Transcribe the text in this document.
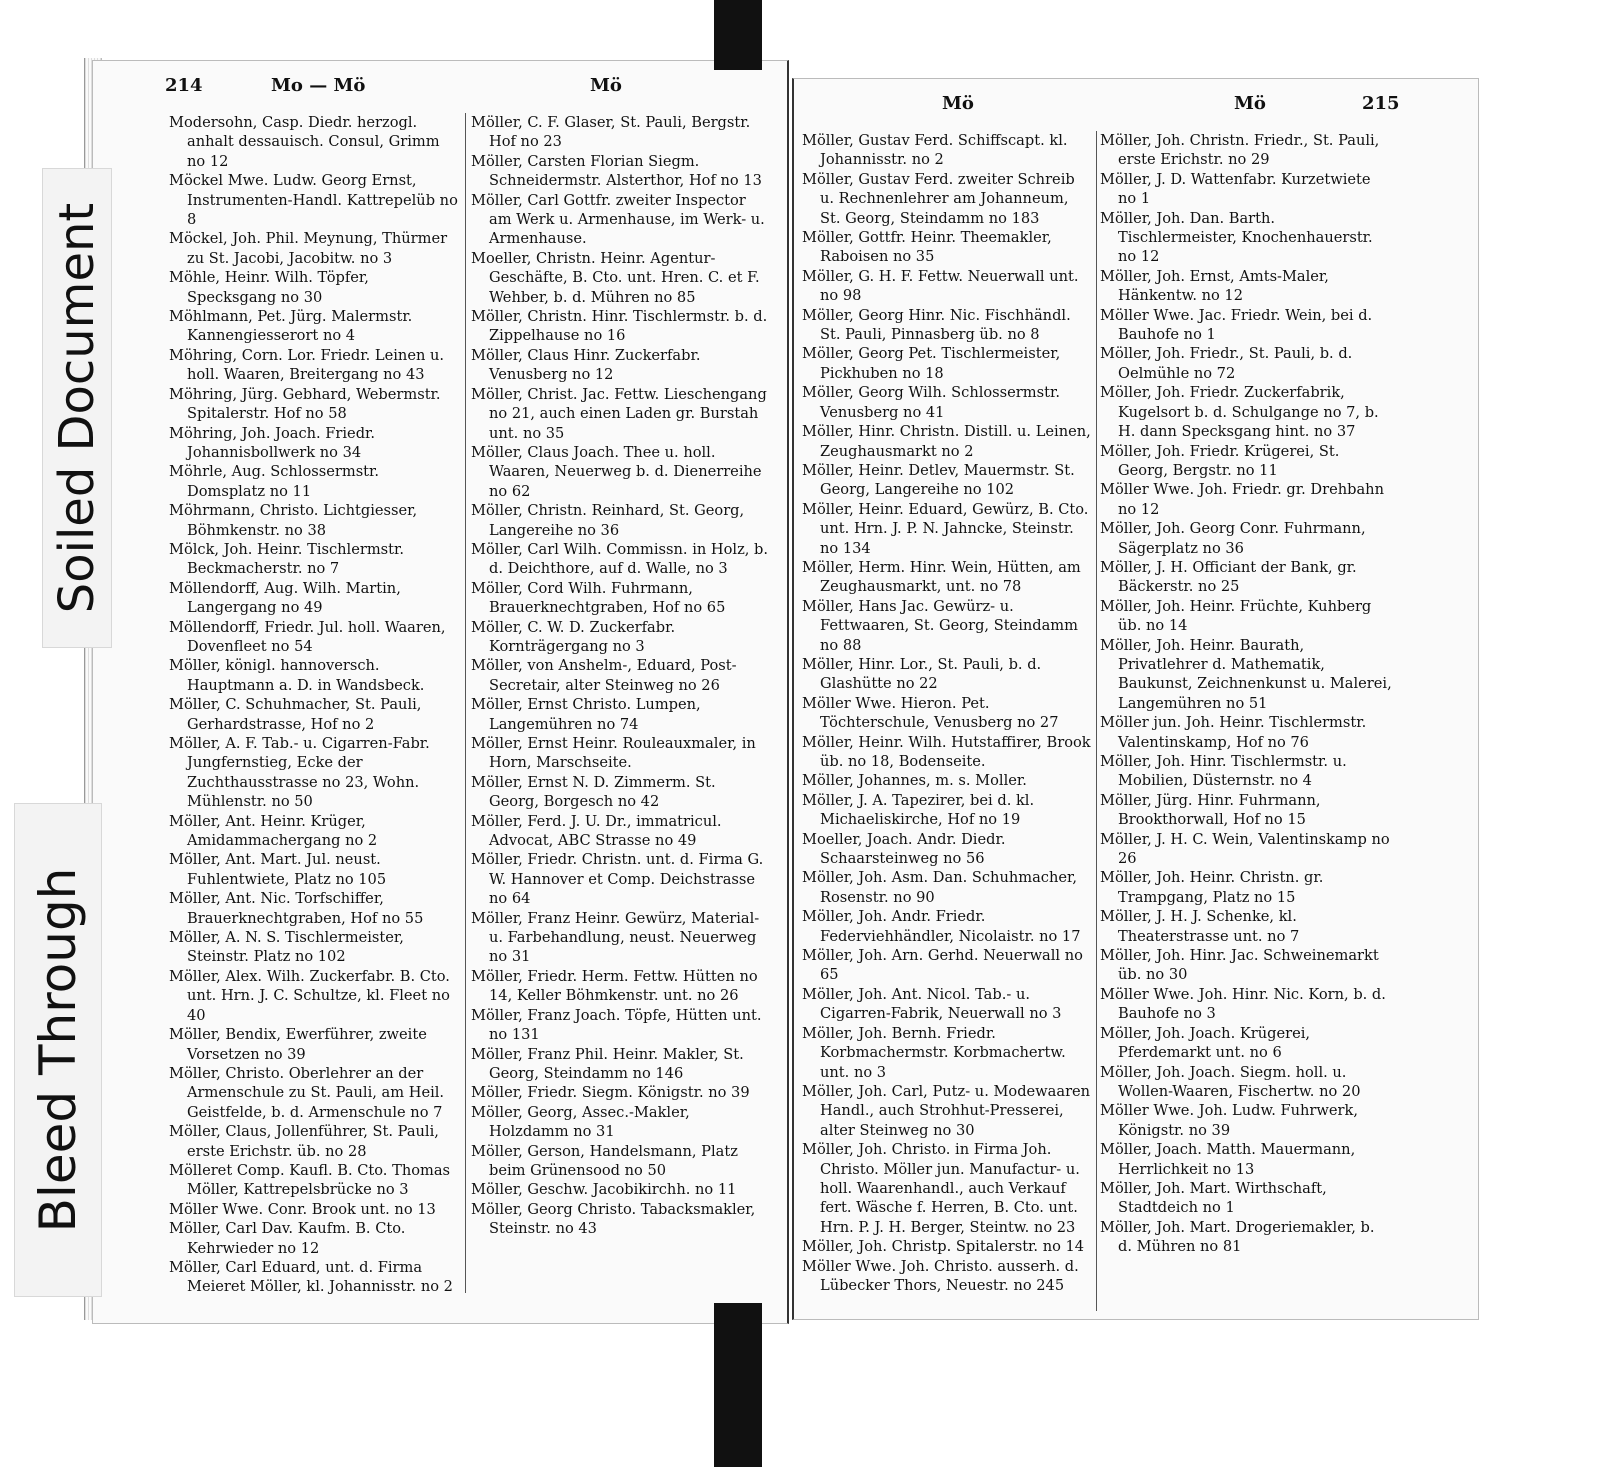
214	Mo — Mö	Mö

Modersohn, Casp. Diedr. herzogl. anhalt dessauisch. Consul, Grimm no 12

Möckel Mwe. Ludw. Georg Ernst, Instrumenten-Handl. Kattrepelüb no 8

Möckel, Joh. Phil. Meynung, Thürmer zu St. Jacobi, Jacobitw. no 3

Möhle, Heinr. Wilh. Töpfer, Specksgang no 30

Möhlmann, Pet. Jürg. Malermstr. Kannengiesserort no 4

Möhring, Corn. Lor. Friedr. Leinen u. holl. Waaren, Breitergang no 43

Möhring, Jürg. Gebhard, Webermstr. Spitalerstr. Hof no 58

Möhring, Joh. Joach. Friedr. Johannisbollwerk no 34

Möhrle, Aug. Schlossermstr. Domsplatz no 11

Möhrmann, Christo. Lichtgiesser, Böhmkenstr. no 38

Mölck, Joh. Heinr. Tischlermstr. Beckmacherstr. no 7

Möllendorff, Aug. Wilh. Martin, Langergang no 49

Möllendorff, Friedr. Jul. holl. Waaren, Dovenfleet no 54

Möller, königl. hannoversch. Hauptmann a. D. in Wandsbeck.

Möller, C. Schuhmacher, St. Pauli, Gerhardstrasse, Hof no 2

Möller, A. F. Tab.- u. Cigarren-Fabr. Jungfernstieg, Ecke der Zuchthausstrasse no 23, Wohn. Mühlenstr. no 50

Möller, Ant. Heinr. Krüger, Amidammachergang no 2

Möller, Ant. Mart. Jul. neust. Fuhlentwiete, Platz no 105

Möller, Ant. Nic. Torfschiffer, Brauerknechtgraben, Hof no 55

Möller, A. N. S. Tischlermeister, Steinstr. Platz no 102

Möller, Alex. Wilh. Zuckerfabr. B. Cto. unt. Hrn. J. C. Schultze, kl. Fleet no 40

Möller, Bendix, Ewerführer, zweite Vorsetzen no 39

Möller, Christo. Oberlehrer an der Armenschule zu St. Pauli, am Heil. Geistfelde, b. d. Armenschule no 7

Möller, Claus, Jollenführer, St. Pauli, erste Erichstr. üb. no 28

Mölleret Comp. Kaufl. B. Cto. Thomas Möller, Kattrepelsbrücke no 3

Möller Wwe. Conr. Brook unt. no 13

Möller, Carl Dav. Kaufm. B. Cto. Kehrwieder no 12

Möller, Carl Eduard, unt. d. Firma Meieret Möller, kl. Johannisstr. no 2

Möller, C. F. Glaser, St. Pauli, Bergstr. Hof no 23

Möller, Carsten Florian Siegm. Schneidermstr. Alsterthor, Hof no 13

Möller, Carl Gottfr. zweiter Inspector am Werk u. Armenhause, im Werk- u. Armenhause.

Moeller, Christn. Heinr. Agentur-Geschäfte, B. Cto. unt. Hren. C. et F. Wehber, b. d. Mühren no 85

Möller, Christn. Hinr. Tischlermstr. b. d. Zippelhause no 16

Möller, Claus Hinr. Zuckerfabr. Venusberg no 12

Möller, Christ. Jac. Fettw. Lieschengang no 21, auch einen Laden gr. Burstah unt. no 35

Möller, Claus Joach. Thee u. holl. Waaren, Neuerweg b. d. Dienerreihe no 62

Möller, Christn. Reinhard, St. Georg, Langereihe no 36

Möller, Carl Wilh. Commissn. in Holz, b. d. Deichthore, auf d. Walle, no 3

Möller, Cord Wilh. Fuhrmann, Brauerknechtgraben, Hof no 65

Möller, C. W. D. Zuckerfabr. Kornträgergang no 3

Möller, von Anshelm-, Eduard, Post-Secretair, alter Steinweg no 26

Möller, Ernst Christo. Lumpen, Langemühren no 74

Möller, Ernst Heinr. Rouleauxmaler, in Horn, Marschseite.

Möller, Ernst N. D. Zimmerm. St. Georg, Borgesch no 42

Möller, Ferd. J. U. Dr., immatricul. Advocat, ABC Strasse no 49

Möller, Friedr. Christn. unt. d. Firma G. W. Hannover et Comp. Deichstrasse no 64

Möller, Franz Heinr. Gewürz, Material- u. Farbehandlung, neust. Neuerweg no 31

Möller, Friedr. Herm. Fettw. Hütten no 14, Keller Böhmkenstr. unt. no 26

Möller, Franz Joach. Töpfe, Hütten unt. no 131

Möller, Franz Phil. Heinr. Makler, St. Georg, Steindamm no 146

Möller, Friedr. Siegm. Königstr. no 39

Möller, Georg, Assec.-Makler, Holzdamm no 31

Möller, Gerson, Handelsmann, Platz beim Grünensood no 50

Möller, Geschw. Jacobikirchh. no 11

Möller, Georg Christo. Tabacksmakler, Steinstr. no 43

Mö	Mö	215

Möller, Gustav Ferd. Schiffscapt. kl. Johannisstr. no 2

Möller, Gustav Ferd. zweiter Schreib u. Rechnenlehrer am Johanneum, St. Georg, Steindamm no 183

Möller, Gottfr. Heinr. Theemakler, Raboisen no 35

Möller, G. H. F. Fettw. Neuerwall unt. no 98

Möller, Georg Hinr. Nic. Fischhändl. St. Pauli, Pinnasberg üb. no 8

Möller, Georg Pet. Tischlermeister, Pickhuben no 18

Möller, Georg Wilh. Schlossermstr. Venusberg no 41

Möller, Hinr. Christn. Distill. u. Leinen, Zeughausmarkt no 2

Möller, Heinr. Detlev, Mauermstr. St. Georg, Langereihe no 102

Möller, Heinr. Eduard, Gewürz, B. Cto. unt. Hrn. J. P. N. Jahncke, Steinstr. no 134

Möller, Herm. Hinr. Wein, Hütten, am Zeughausmarkt, unt. no 78

Möller, Hans Jac. Gewürz- u. Fettwaaren, St. Georg, Steindamm no 88

Möller, Hinr. Lor., St. Pauli, b. d. Glashütte no 22

Möller Wwe. Hieron. Pet. Töchterschule, Venusberg no 27

Möller, Heinr. Wilh. Hutstaffirer, Brook üb. no 18, Bodenseite.

Möller, Johannes, m. s. Moller.

Möller, J. A. Tapezirer, bei d. kl. Michaeliskirche, Hof no 19

Moeller, Joach. Andr. Diedr. Schaarsteinweg no 56

Möller, Joh. Asm. Dan. Schuhmacher, Rosenstr. no 90

Möller, Joh. Andr. Friedr. Federviehhändler, Nicolaistr. no 17

Möller, Joh. Arn. Gerhd. Neuerwall no 65

Möller, Joh. Ant. Nicol. Tab.- u. Cigarren-Fabrik, Neuerwall no 3

Möller, Joh. Bernh. Friedr. Korbmachermstr. Korbmachertw. unt. no 3

Möller, Joh. Carl, Putz- u. Modewaaren Handl., auch Strohhut-Presserei, alter Steinweg no 30

Möller, Joh. Christo. in Firma Joh. Christo. Möller jun. Manufactur- u. holl. Waarenhandl., auch Verkauf fert. Wäsche f. Herren, B. Cto. unt. Hrn. P. J. H. Berger, Steintw. no 23

Möller, Joh. Christp. Spitalerstr. no 14

Möller Wwe. Joh. Christo. ausserh. d. Lübecker Thors, Neuestr. no 245

Möller, Joh. Christn. Friedr., St. Pauli, erste Erichstr. no 29

Möller, J. D. Wattenfabr. Kurzetwiete no 1

Möller, Joh. Dan. Barth. Tischlermeister, Knochenhauerstr. no 12

Möller, Joh. Ernst, Amts-Maler, Hänkentw. no 12

Möller Wwe. Jac. Friedr. Wein, bei d. Bauhofe no 1

Möller, Joh. Friedr., St. Pauli, b. d. Oelmühle no 72

Möller, Joh. Friedr. Zuckerfabrik, Kugelsort b. d. Schulgange no 7, b. H. dann Specksgang hint. no 37

Möller, Joh. Friedr. Krügerei, St. Georg, Bergstr. no 11

Möller Wwe. Joh. Friedr. gr. Drehbahn no 12

Möller, Joh. Georg Conr. Fuhrmann, Sägerplatz no 36

Möller, J. H. Officiant der Bank, gr. Bäckerstr. no 25

Möller, Joh. Heinr. Früchte, Kuhberg üb. no 14

Möller, Joh. Heinr. Baurath, Privatlehrer d. Mathematik, Baukunst, Zeichnenkunst u. Malerei, Langemühren no 51

Möller jun. Joh. Heinr. Tischlermstr. Valentinskamp, Hof no 76

Möller, Joh. Hinr. Tischlermstr. u. Mobilien, Düsternstr. no 4

Möller, Jürg. Hinr. Fuhrmann, Brookthorwall, Hof no 15

Möller, J. H. C. Wein, Valentinskamp no 26

Möller, Joh. Heinr. Christn. gr. Trampgang, Platz no 15

Möller, J. H. J. Schenke, kl. Theaterstrasse unt. no 7

Möller, Joh. Hinr. Jac. Schweinemarkt üb. no 30

Möller Wwe. Joh. Hinr. Nic. Korn, b. d. Bauhofe no 3

Möller, Joh. Joach. Krügerei, Pferdemarkt unt. no 6

Möller, Joh. Joach. Siegm. holl. u. Wollen-Waaren, Fischertw. no 20

Möller Wwe. Joh. Ludw. Fuhrwerk, Königstr. no 39

Möller, Joach. Matth. Mauermann, Herrlichkeit no 13

Möller, Joh. Mart. Wirthschaft, Stadtdeich no 1

Möller, Joh. Mart. Drogeriemakler, b. d. Mühren no 81

Soiled Document
Bleed Through
